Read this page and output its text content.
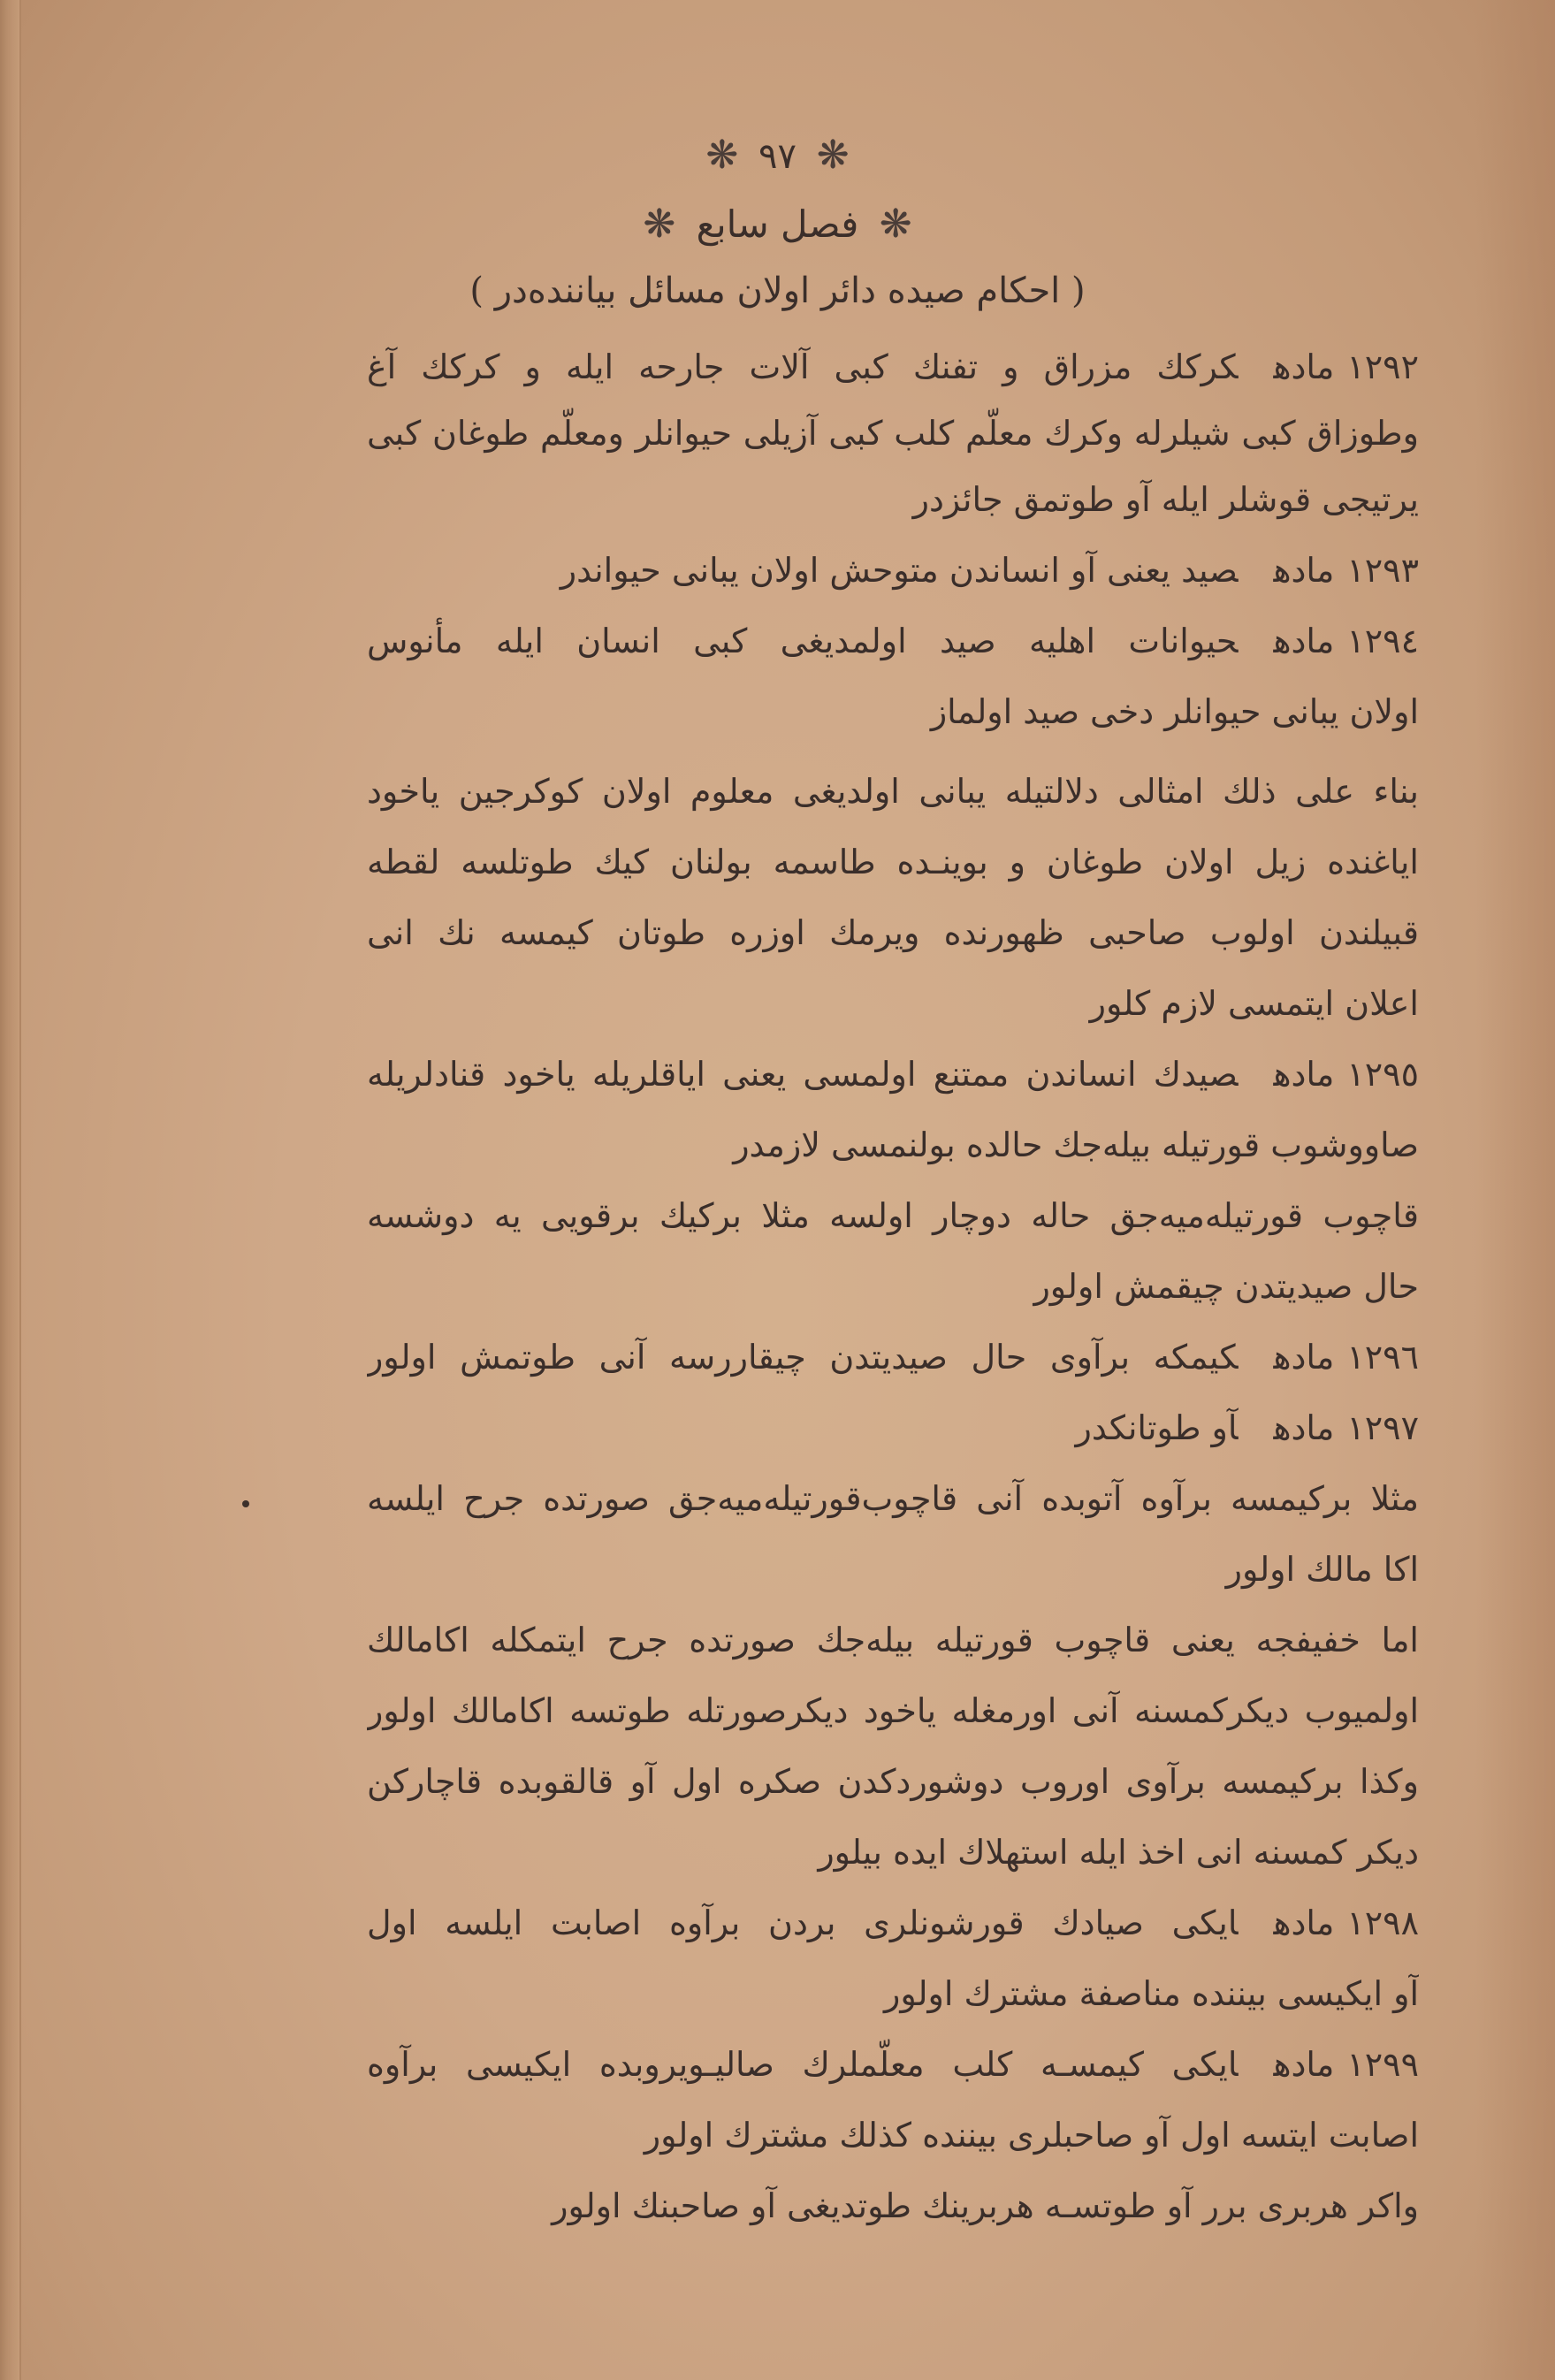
❋ ٩٧ ❋
❋ فصل سابع ❋
( احكام صيده دائر اولان مسائل بياننده‌در )
١٢٩٢مادهكركك مزراق و تفنك كبی آلات جارحه ايله و كركك آغ
وطوزاق كبی شيلرله وكرك معلّم كلب كبی آزيلی حيوانلر ومعلّم طوغان كبی
يرتيجی قوشلر ايله آو طوتمق جائزدر
١٢٩٣مادهصيد يعنی آو انساندن متوحش اولان يبانی حيواندر
١٢٩٤مادهحيوانات اهليه صيد اولمديغی كبی انسان ايله مأنوس
اولان يبانی حيوانلر دخی صيد اولماز
بناء علی ذلك امثالی دلالتيله يبانی اولديغی معلوم اولان كوكرجين ياخود
اياغنده زيل اولان طوغان و بوينـده طاسمه بولنان كيك طوتلسه لقطه
قبيلندن اولوب صاحبی ظهورنده ويرمك اوزره طوتان كيمسه نك انی
اعلان ايتمسی لازم كلور
١٢٩٥مادهصيدك انساندن ممتنع اولمسی يعنی اياقلريله ياخود قنادلريله
صاووشوب قورتيله بيله‌جك حالده بولنمسی لازمدر
قاچوب قورتيله‌ميه‌جق حاله دوچار اولسه مثلا بركيك برقويی يه دوشسه
حال صيديتدن چيقمش اولور
١٢٩٦مادهكيمكه برآوی حال صيديتدن چيقاررسه آنی طوتمش اولور
١٢٩٧مادهآو طوتانكدر
مثلا بركيمسه برآوه آتوبده آنی قاچوب‌قورتيله‌ميه‌جق صورتده جرح ايلسه
اكا مالك اولور
اما خفيفجه يعنی قاچوب قورتيله بيله‌جك صورتده جرح ايتمكله اكامالك
اولميوب ديكركمسنه آنی اورمغله ياخود ديكرصورتله طوتسه اكامالك اولور
وكذا بركيمسه برآوی اوروب دوشوردكدن صكره اول آو قالقوبده قاچاركن
ديكر كمسنه انی اخذ ايله استهلاك ايده بيلور
١٢٩٨مادهايكی صيادك قورشونلری بردن برآوه اصابت ايلسه اول
آو ايكيسی بيننده مناصفة مشترك اولور
١٢٩٩مادهايكی كيمسـه كلب معلّملرك صاليـويروبده ايكيسی برآوه
اصابت ايتسه اول آو صاحبلری بيننده كذلك مشترك اولور
واكر هربری برر آو طوتسـه هربرينك طوتديغی آو صاحبنك اولور
